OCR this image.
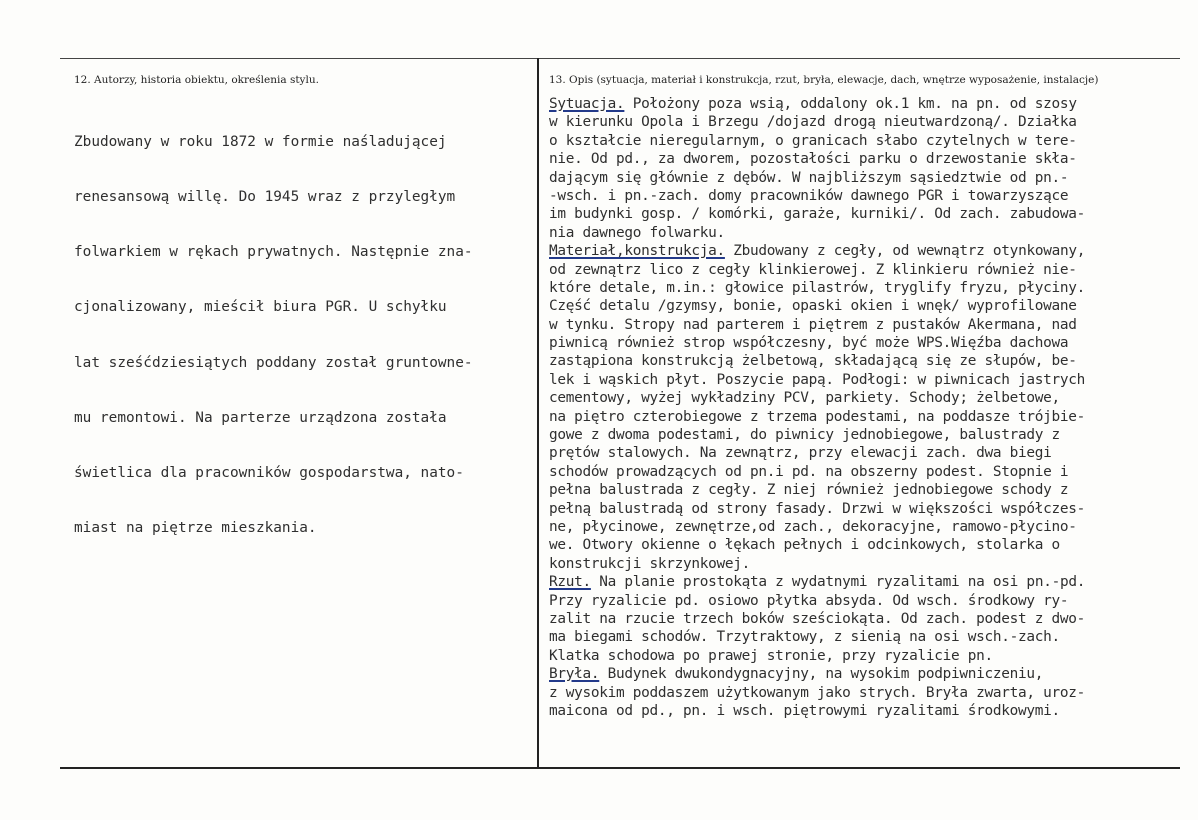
12. Autorzy, historia obiektu, określenia stylu.	13. Opis (sytuacja, materiał i konstrukcja, rzut, bryła, elewacje, dach, wnętrze wyposażenie, instalacje)

Zbudowany w roku 1872 w formie naśladującej

renesansową willę. Do 1945 wraz z przyległym

folwarkiem w rękach prywatnych. Następnie zna-

cjonalizowany, mieścił biura PGR. U schyłku

lat sześćdziesiątych poddany został gruntowne-

mu remontowi. Na parterze urządzona została

świetlica dla pracowników gospodarstwa, nato-

miast na piętrze mieszkania.

Sytuacja. Położony poza wsią, oddalony ok.1 km. na pn. od szosy
w kierunku Opola i Brzegu /dojazd drogą nieutwardzoną/. Działka
o kształcie nieregularnym, o granicach słabo czytelnych w tere-
nie. Od pd., za dworem, pozostałości parku o drzewostanie skła-
dającym się głównie z dębów. W najbliższym sąsiedztwie od pn.-
-wsch. i pn.-zach. domy pracowników dawnego PGR i towarzyszące
im budynki gosp. / komórki, garaże, kurniki/. Od zach. zabudowa-
nia dawnego folwarku.
Materiał,konstrukcja. Zbudowany z cegły, od wewnątrz otynkowany,
od zewnątrz lico z cegły klinkierowej. Z klinkieru również nie-
które detale, m.in.: głowice pilastrów, tryglify fryzu, płyciny.
Część detalu /gzymsy, bonie, opaski okien i wnęk/ wyprofilowane
w tynku. Stropy nad parterem i piętrem z pustaków Akermana, nad
piwnicą również strop współczesny, być może WPS.Więźba dachowa
zastąpiona konstrukcją żelbetową, składającą się ze słupów, be-
lek i wąskich płyt. Poszycie papą. Podłogi: w piwnicach jastrych
cementowy, wyżej wykładziny PCV, parkiety. Schody; żelbetowe,
na piętro czterobiegowe z trzema podestami, na poddasze trójbie-
gowe z dwoma podestami, do piwnicy jednobiegowe, balustrady z
prętów stalowych. Na zewnątrz, przy elewacji zach. dwa biegi
schodów prowadzących od pn.i pd. na obszerny podest. Stopnie i
pełna balustrada z cegły. Z niej również jednobiegowe schody z
pełną balustradą od strony fasady. Drzwi w większości współczes-
ne, płycinowe, zewnętrze,od zach., dekoracyjne, ramowo-płycino-
we. Otwory okienne o łękach pełnych i odcinkowych, stolarka o
konstrukcji skrzynkowej.
Rzut. Na planie prostokąta z wydatnymi ryzalitami na osi pn.-pd.
Przy ryzalicie pd. osiowo płytka absyda. Od wsch. środkowy ry-
zalit na rzucie trzech boków sześciokąta. Od zach. podest z dwo-
ma biegami schodów. Trzytraktowy, z sienią na osi wsch.-zach.
Klatka schodowa po prawej stronie, przy ryzalicie pn.
Bryła. Budynek dwukondygnacyjny, na wysokim podpiwniczeniu,
z wysokim poddaszem użytkowanym jako strych. Bryła zwarta, uroz-
maicona od pd., pn. i wsch. piętrowymi ryzalitami środkowymi.
